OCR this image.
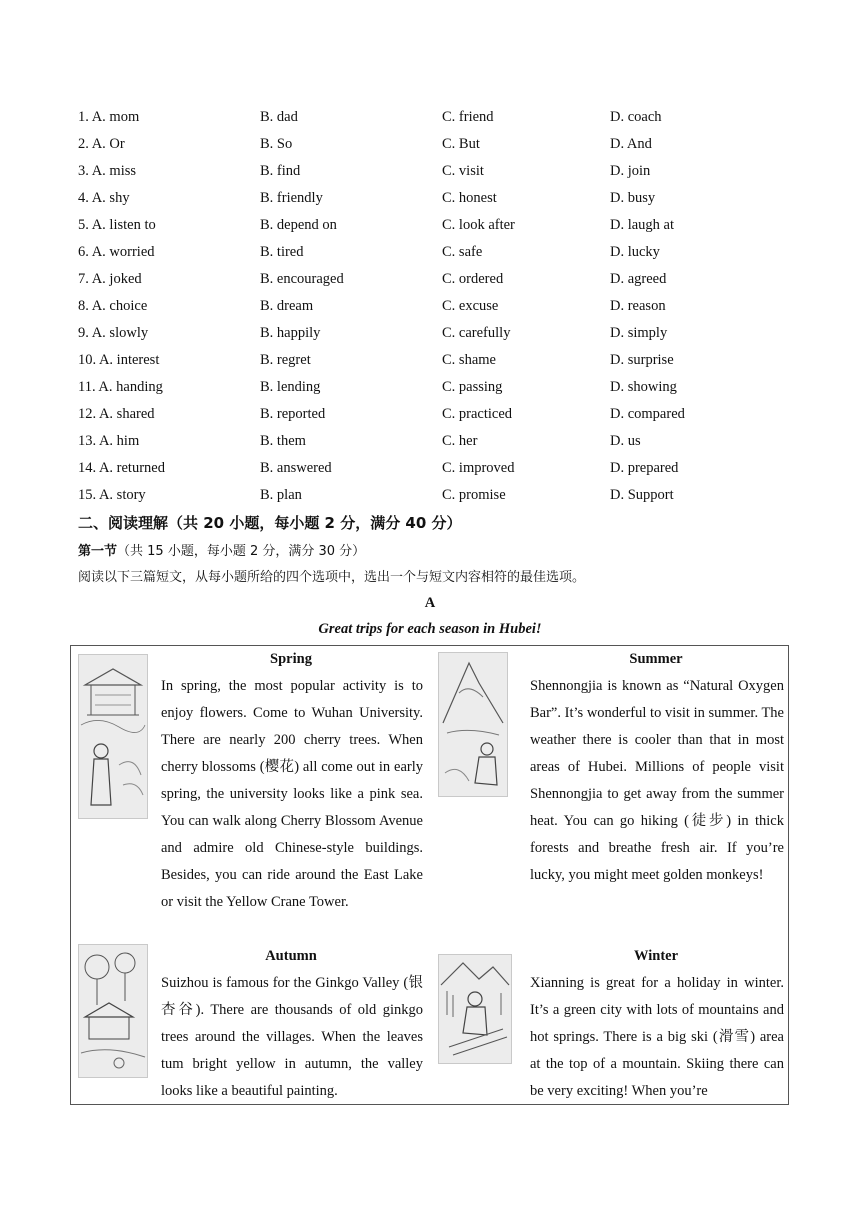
1. A. mom	B. dad	C. friend	D. coach
2. A. Or	B. So	C. But	D. And
3. A. miss	B. find	C. visit	D. join
4. A. shy	B. friendly	C. honest	D. busy
5. A. listen to	B. depend on	C. look after	D. laugh at
6. A. worried	B. tired	C. safe	D. lucky
7. A. joked	B. encouraged	C. ordered	D. agreed
8. A. choice	B. dream	C. excuse	D. reason
9. A. slowly	B. happily	C. carefully	D. simply
10. A. interest	B. regret	C. shame	D. surprise
11. A. handing	B. lending	C. passing	D. showing
12. A. shared	B. reported	C. practiced	D. compared
13. A. him	B. them	C. her	D. us
14. A. returned	B. answered	C. improved	D. prepared
15. A. story	B. plan	C. promise	D. Support
二、阅读理解（共 20 小题，每小题 2 分，满分 40 分）
第一节（共 15 小题，每小题 2 分，满分 30 分）
阅读以下三篇短文，从每小题所给的四个选项中，选出一个与短文内容相符的最佳选项。
A
Great trips for each season in Hubei!
Spring
In spring, the most popular activity is to enjoy flowers. Come to Wuhan University. There are nearly 200 cherry trees. When cherry blossoms (樱花) all come out in early spring, the university looks like a pink sea. You can walk along Cherry Blossom Avenue and admire old Chinese-style buildings. Besides, you can ride around the East Lake or visit the Yellow Crane Tower.
Summer
Shennongjia is known as “Natural Oxygen Bar”. It’s wonderful to visit in summer. The weather there is cooler than that in most areas of Hubei. Millions of people visit Shennongjia to get away from the summer heat. You can go hiking (徒步) in thick forests and breathe fresh air. If you’re lucky, you might meet golden monkeys!
Autumn
Suizhou is famous for the Ginkgo Valley (银杏谷). There are thousands of old ginkgo trees around the villages. When the leaves tum bright yellow in autumn, the valley looks like a beautiful painting.
Winter
Xianning is great for a holiday in winter. It’s a green city with lots of mountains and hot springs. There is a big ski (滑雪) area at the top of a mountain. Skiing there can be very exciting! When you’re
